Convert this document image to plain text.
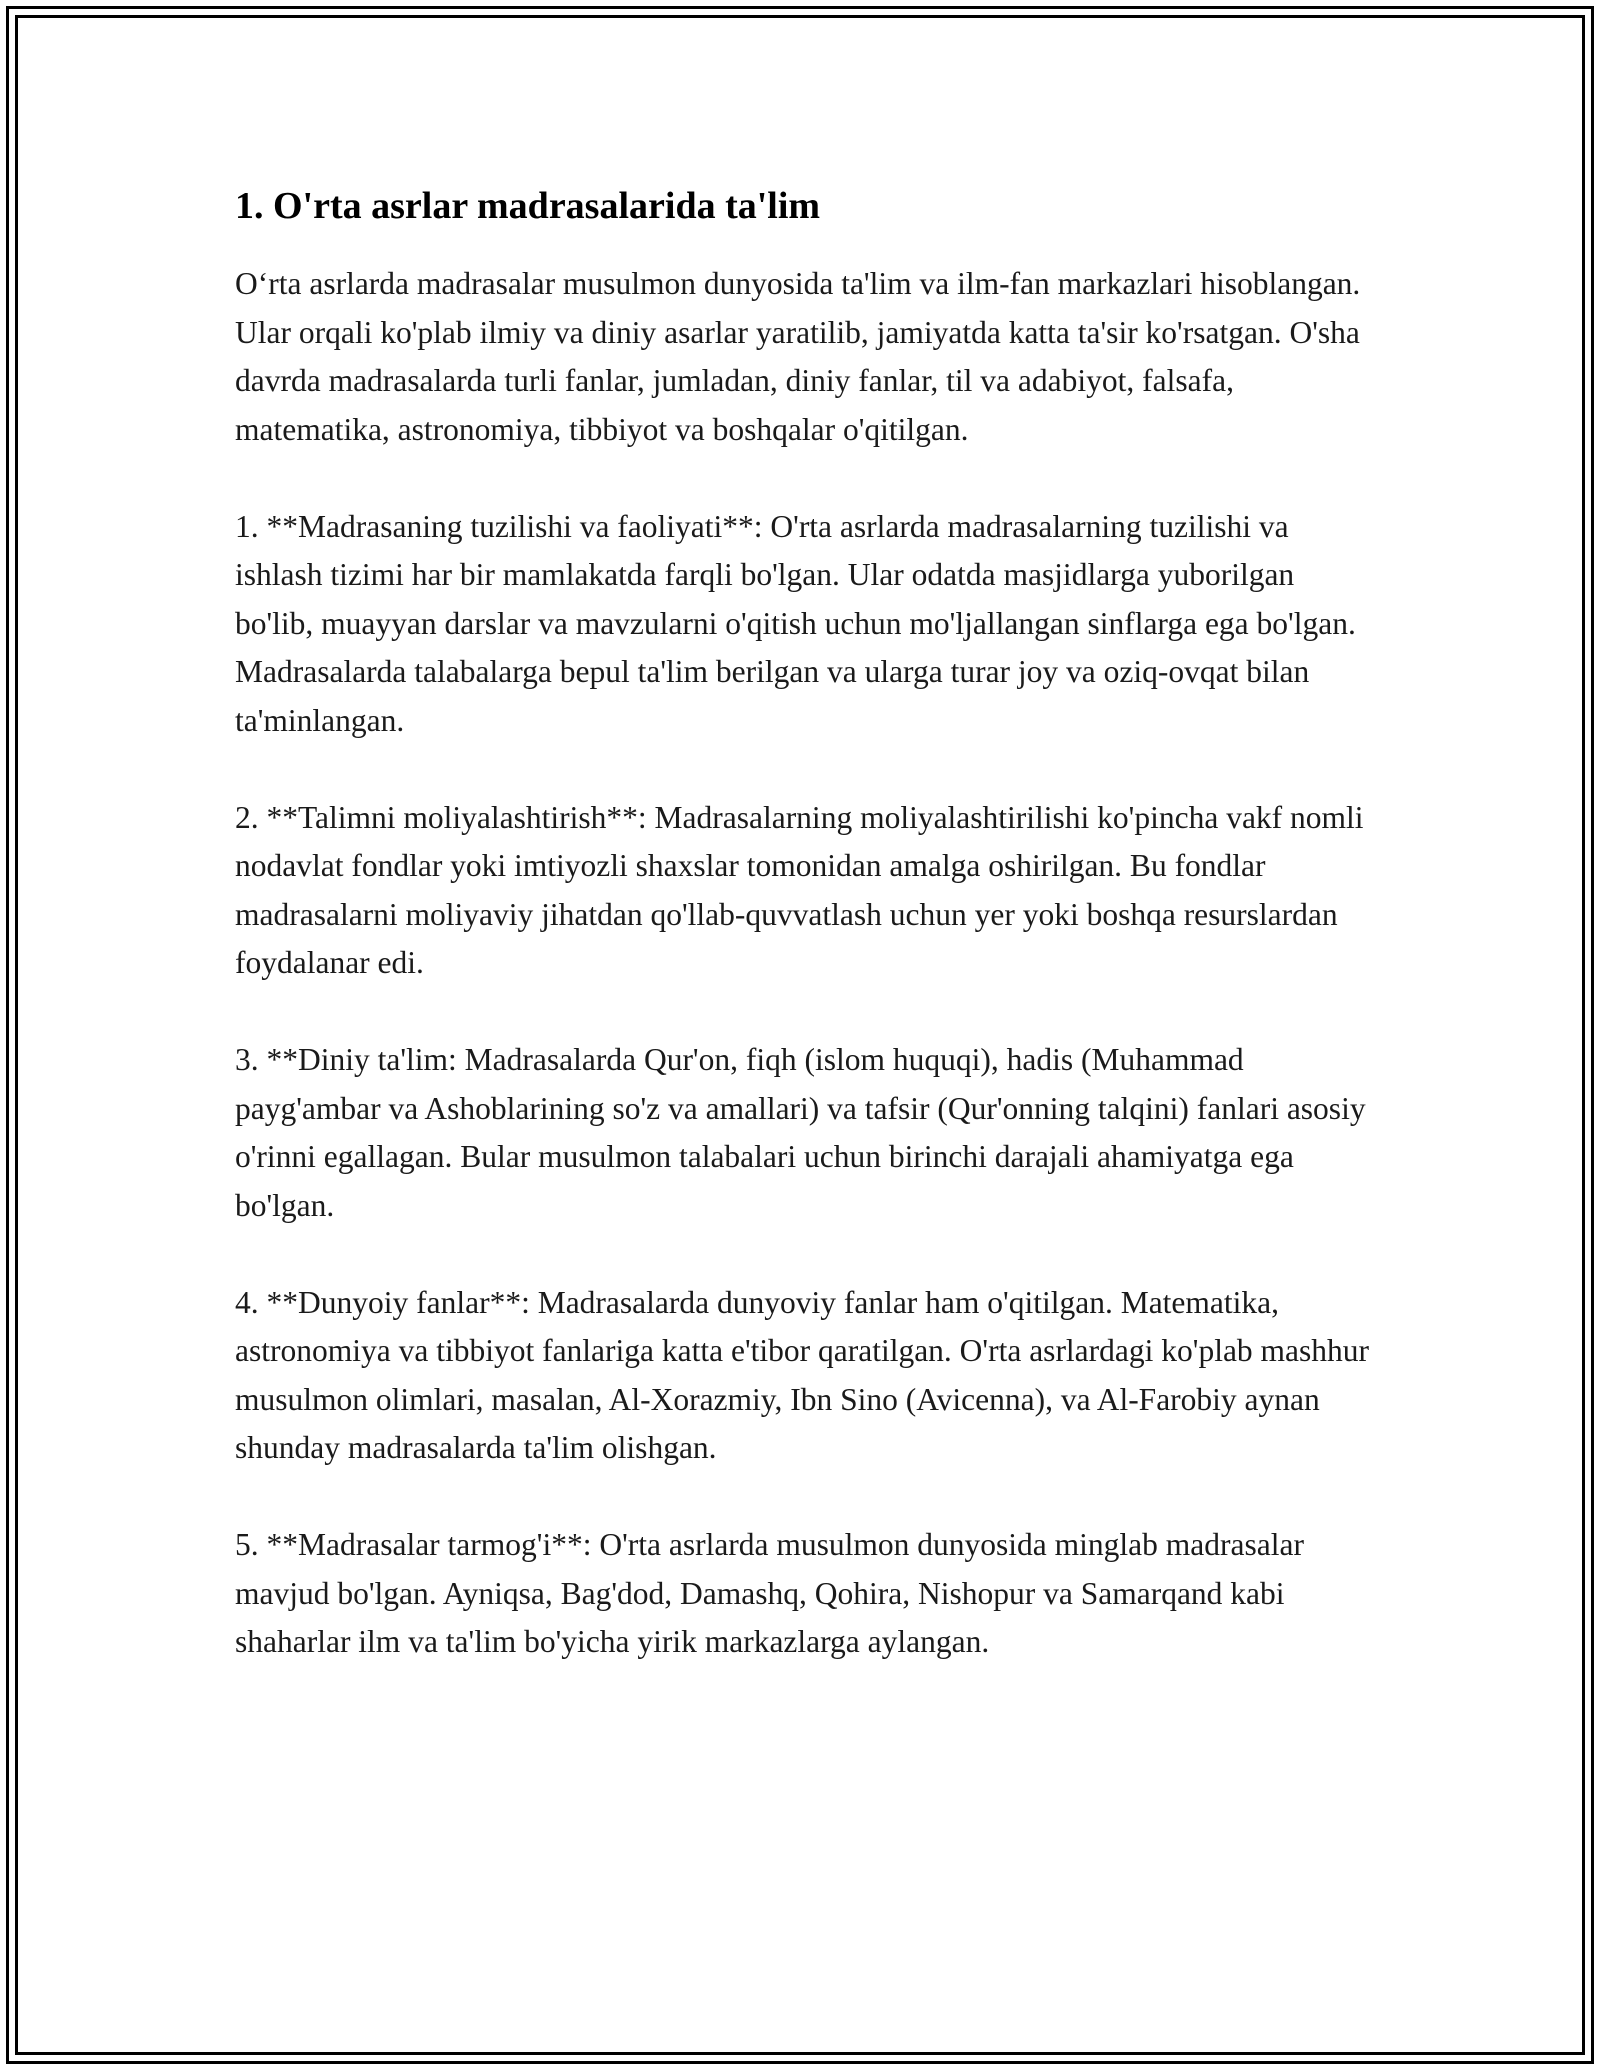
1. O'rta asrlar madrasalarida ta'lim

O‘rta asrlarda madrasalar musulmon dunyosida ta'lim va ilm-fan markazlari hisoblangan. Ular orqali ko'plab ilmiy va diniy asarlar yaratilib, jamiyatda katta ta'sir ko'rsatgan. O'sha davrda madrasalarda turli fanlar, jumladan, diniy fanlar, til va adabiyot, falsafa, matematika, astronomiya, tibbiyot va boshqalar o'qitilgan.

1. **Madrasaning tuzilishi va faoliyati**: O'rta asrlarda madrasalarning tuzilishi va ishlash tizimi har bir mamlakatda farqli bo'lgan. Ular odatda masjidlarga yuborilgan bo'lib, muayyan darslar va mavzularni o'qitish uchun mo'ljallangan sinflarga ega bo'lgan. Madrasalarda talabalarga bepul ta'lim berilgan va ularga turar joy va oziq-ovqat bilan ta'minlangan.

2. **Talimni moliyalashtirish**: Madrasalarning moliyalashtirilishi ko'pincha vakf nomli nodavlat fondlar yoki imtiyozli shaxslar tomonidan amalga oshirilgan. Bu fondlar madrasalarni moliyaviy jihatdan qo'llab-quvvatlash uchun yer yoki boshqa resurslardan foydalanar edi.

3. **Diniy ta'lim: Madrasalarda Qur'on, fiqh (islom huquqi), hadis (Muhammad payg'ambar va Ashoblarining so'z va amallari) va tafsir (Qur'onning talqini) fanlari asosiy o'rinni egallagan. Bular musulmon talabalari uchun birinchi darajali ahamiyatga ega bo'lgan.

4. **Dunyoiy fanlar**: Madrasalarda dunyoviy fanlar ham o'qitilgan. Matematika, astronomiya va tibbiyot fanlariga katta e'tibor qaratilgan. O'rta asrlardagi ko'plab mashhur musulmon olimlari, masalan, Al-Xorazmiy, Ibn Sino (Avicenna), va Al-Farobiy aynan shunday madrasalarda ta'lim olishgan.

5. **Madrasalar tarmog'i**: O'rta asrlarda musulmon dunyosida minglab madrasalar mavjud bo'lgan. Ayniqsa, Bag'dod, Damashq, Qohira, Nishopur va Samarqand kabi shaharlar ilm va ta'lim bo'yicha yirik markazlarga aylangan.
